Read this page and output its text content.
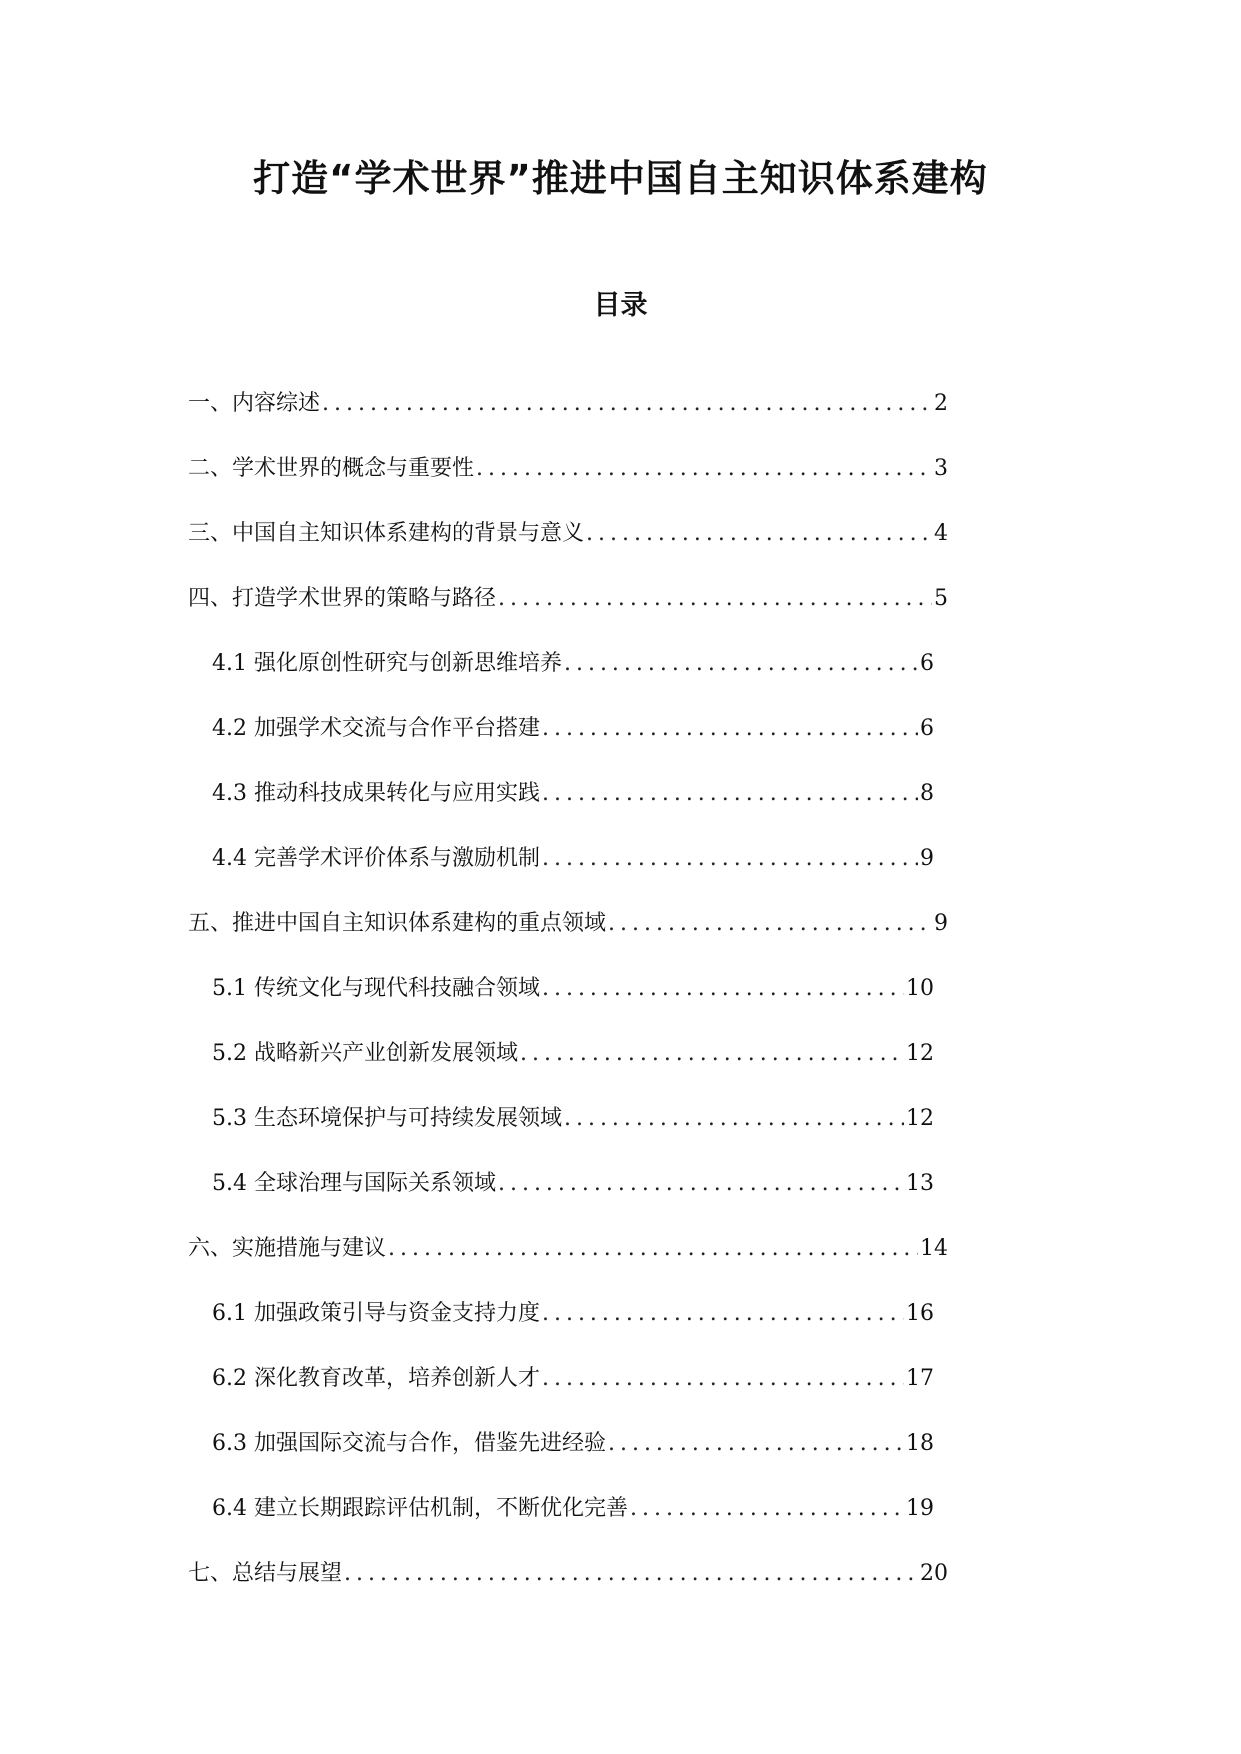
打造“学术世界”推进中国自主知识体系建构
目录
一、内容综述 . . .	2
二、学术世界的概念与重要性 . . .	3
三、中国自主知识体系建构的背景与意义 . . .	4
四、打造学术世界的策略与路径 . . .	5
4.1 强化原创性研究与创新思维培养 . . .	6
4.2 加强学术交流与合作平台搭建 . . .	6
4.3 推动科技成果转化与应用实践 . . .	8
4.4 完善学术评价体系与激励机制 . . .	9
五、推进中国自主知识体系建构的重点领域 . . .	9
5.1 传统文化与现代科技融合领域 . . .	10
5.2 战略新兴产业创新发展领域 . . .	12
5.3 生态环境保护与可持续发展领域 . . .	12
5.4 全球治理与国际关系领域 . . .	13
六、实施措施与建议 . . .	14
6.1 加强政策引导与资金支持力度 . . .	16
6.2 深化教育改革，培养创新人才 . . .	17
6.3 加强国际交流与合作，借鉴先进经验 . . .	18
6.4 建立长期跟踪评估机制，不断优化完善 . . .	19
七、总结与展望 . . .	20
